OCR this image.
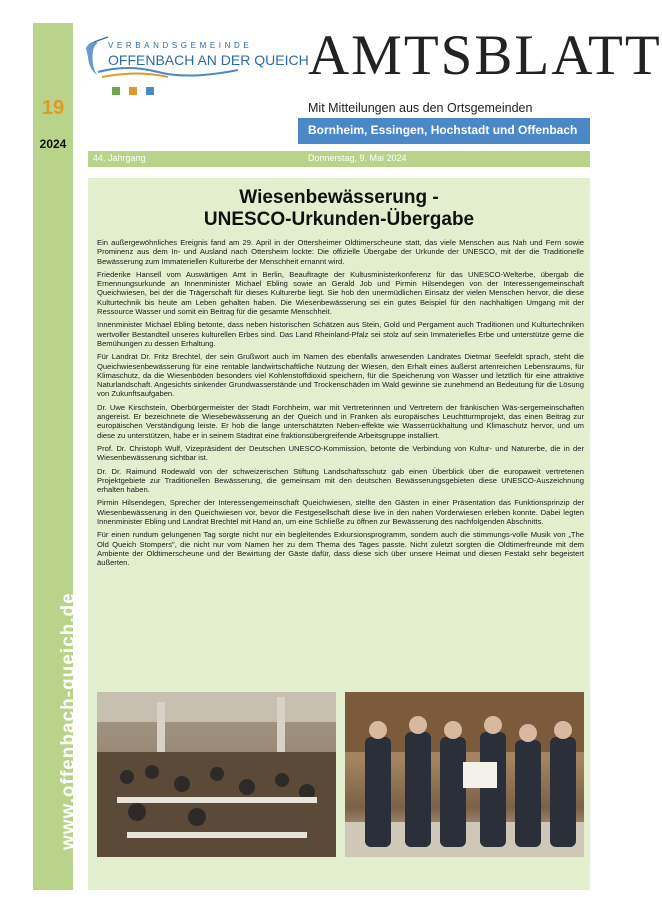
19
2024
www.offenbach-queich.de
VERBANDSGEMEINDE
OFFENBACH AN DER QUEICH AMTSBLATT
Mit Mitteilungen aus den Ortsgemeinden
Bornheim, Essingen, Hochstadt und Offenbach
44. Jahrgang	Donnerstag, 9. Mai 2024
Wiesenbewässerung -
UNESCO-Urkunden-Übergabe

Ein außergewöhnliches Ereignis fand am 29. April in der Ottersheimer Oldtimerscheune statt, das viele Menschen aus Nah und Fern sowie Prominenz aus dem In- und Ausland nach Ottersheim lockte: Die offizielle Übergabe der Urkunde der UNESCO, mit der die Traditionelle Bewässerung zum Immateriellen Kulturerbe der Menschheit ernannt wird.

Friederike Hansell vom Auswärtigen Amt in Berlin, Beauftragte der Kultusministerkonferenz für das UNESCO-Welterbe, übergab die Ernennungsurkunde an Innenminister Michael Ebling sowie an Gerald Job und Pirmin Hilsendegen von der Interessengemeinschaft Queichwiesen, bei der die Trägerschaft für dieses Kulturerbe liegt. Sie hob den unermüdlichen Einsatz der vielen Menschen hervor, die diese Kulturtechnik bis heute am Leben gehalten haben. Die Wiesenbewässerung sei ein gutes Beispiel für den nachhaltigen Umgang mit der Ressource Wasser und somit ein Beitrag für die gesamte Menschheit.

Innenminister Michael Ebling betonte, dass neben historischen Schätzen aus Stein, Gold und Pergament auch Traditionen und Kulturtechniken wertvoller Bestandteil unseres kulturellen Erbes sind. Das Land Rheinland-Pfalz sei stolz auf sein Immaterielles Erbe und unterstütze gerne die Bemühungen zu dessen Erhaltung.

Für Landrat Dr. Fritz Brechtel, der sein Grußwort auch im Namen des ebenfalls anwesenden Landrates Dietmar Seefeldt sprach, steht die Queichwiesenbewässerung für eine rentable landwirtschaftliche Nutzung der Wiesen, den Erhalt eines äußerst artenreichen Lebensraums, für Klimaschutz, da die Wiesenböden besonders viel Kohlenstoffdioxid speichern, für die Speicherung von Wasser und letztlich für eine attraktive Naturlandschaft. Angesichts sinkender Grundwasserstände und Trockenschäden im Wald gewinne sie zunehmend an Bedeutung für die Lösung von Zukunftsaufgaben.

Dr. Uwe Kirschstein, Oberbürgermeister der Stadt Forchheim, war mit Vertreterinnen und Vertretern der fränkischen Wäs-sergemeinschaften angereist. Er bezeichnete die Wiesebewässerung an der Queich und in Franken als europäisches Leuchtturmprojekt, das einen Beitrag zur europäischen Verständigung leiste. Er hob die lange unterschätzten Neben-effekte wie Wasserrückhaltung und Klimaschutz hervor, und um diese zu unterstützen, habe er in seinem Stadtrat eine fraktionsübergreifende Arbeitsgruppe installiert.

Prof. Dr. Christoph Wulf, Vizepräsident der Deutschen UNESCO-Kommission, betonte die Verbindung von Kultur- und Naturerbe, die in der Wiesenbewässerung sichtbar ist.

Dr. Dr. Raimund Rodewald von der schweizerischen Stiftung Landschaftsschutz gab einen Überblick über die europaweit vertretenen Projektgebiete zur Traditionellen Bewässerung, die gemeinsam mit den deutschen Bewässerungsgebieten diese UNESCO-Auszeichnung erhalten haben.

Pirmin Hilsendegen, Sprecher der Interessengemeinschaft Queichwiesen, stellte den Gästen in einer Präsentation das Funktionsprinzip der Wiesenbewässerung in den Queichwiesen vor, bevor die Festgesellschaft diese live in den nahen Vorderwiesen erleben konnte. Dabei legten Innenminister Ebling und Landrat Brechtel mit Hand an, um eine Schließe zu öffnen zur Bewässerung des nachfolgenden Abschnitts.

Für einen rundum gelungenen Tag sorgte nicht nur ein begleitendes Exkursionsprogramm, sondern auch die stimmungs-volle Musik von „The Old Queich Stompers", die nicht nur vom Namen her zu dem Thema des Tages passte. Nicht zuletzt sorgten die Oldtimerfreunde mit dem Ambiente der Oldtimerscheune und der Bewirtung der Gäste dafür, dass diese sich über unsere Heimat und diesen Festakt sehr begeistert äußerten.
